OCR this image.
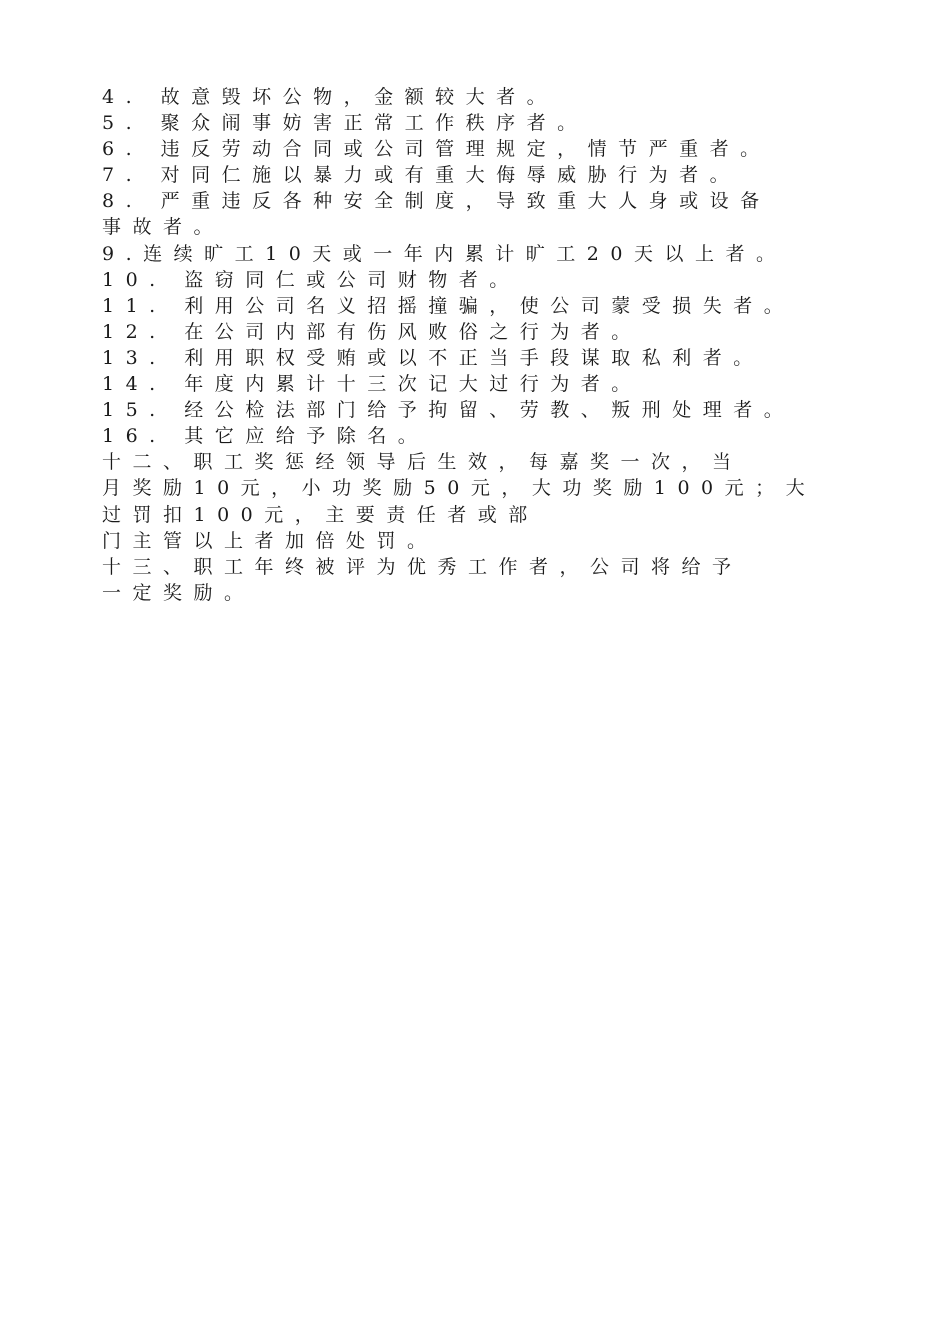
4. 故意毁坏公物，金额较大者。
5. 聚众闹事妨害正常工作秩序者。
6. 违反劳动合同或公司管理规定，情节严重者。
7. 对同仁施以暴力或有重大侮辱威胁行为者。
8. 严重违反各种安全制度，导致重大人身或设备
事故者。
9.连续旷工10天或一年内累计旷工20天以上者。
10. 盗窃同仁或公司财物者。
11. 利用公司名义招摇撞骗，使公司蒙受损失者。
12. 在公司内部有伤风败俗之行为者。
13. 利用职权受贿或以不正当手段谋取私利者。
14. 年度内累计十三次记大过行为者。
15. 经公检法部门给予拘留、劳教、叛刑处理者。
16. 其它应给予除名。
十二、职工奖惩经领导后生效，每嘉奖一次，当
月奖励10元，小功奖励50元，大功奖励100元；大
过罚扣100元，主要责任者或部
门主管以上者加倍处罚。
十三、职工年终被评为优秀工作者，公司将给予
一定奖励。
